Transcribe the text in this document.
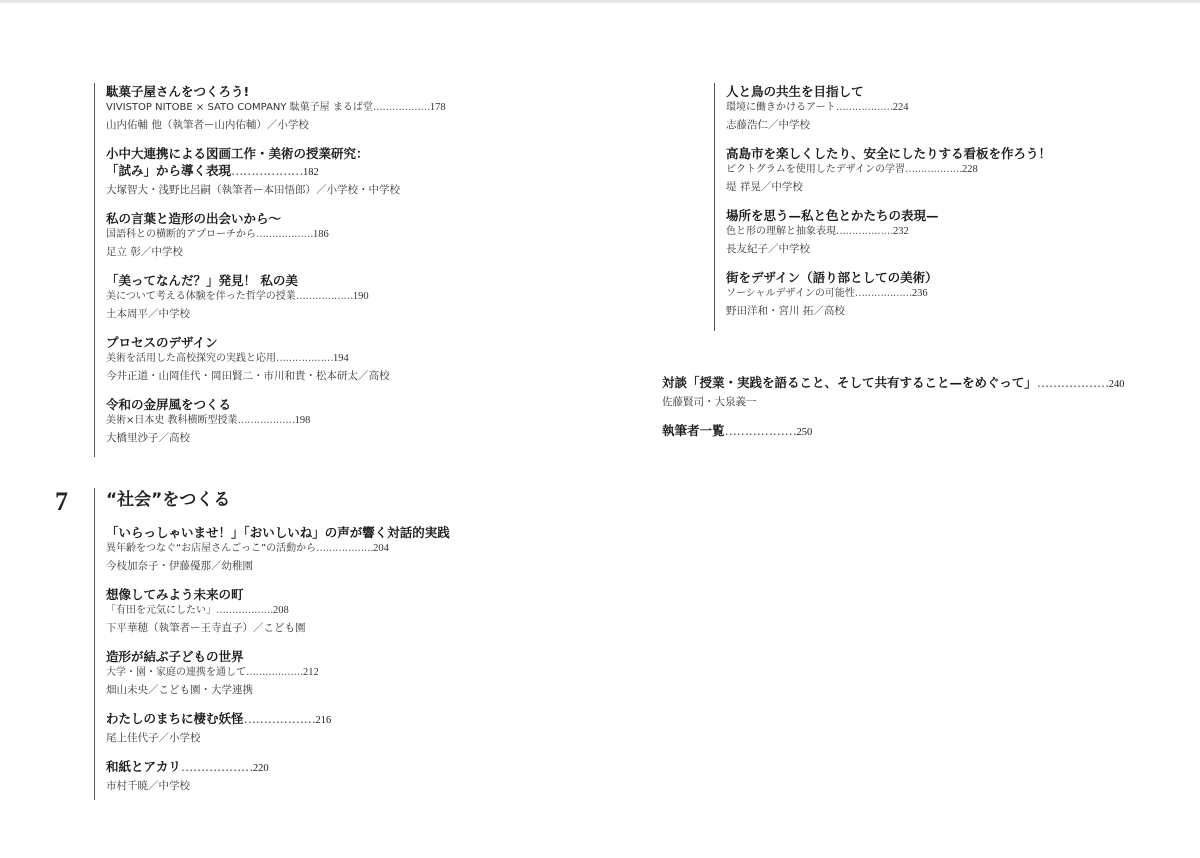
駄菓子屋さんをつくろう!
VIVISTOP NITOBE × SATO COMPANY 駄菓子屋 まるば堂………………178
山内佑輔 他（執筆者ー山内佑輔）／小学校
小中大連携による図画工作・美術の授業研究：
「試み」から導く表現………………182
大塚智大・浅野比呂嗣（執筆者ー本田悟郎）／小学校・中学校
私の言葉と造形の出会いから〜
国語科との横断的アプローチから………………186
足立 彰／中学校
「美ってなんだ？」発見！ 私の美
美について考える体験を伴った哲学の授業………………190
土本周平／中学校
プロセスのデザイン
美術を活用した高校探究の実践と応用………………194
今井正道・山岡佳代・岡田賢二・市川和貴・松本研太／高校
令和の金屏風をつくる
美術×日本史 教科横断型授業………………198
大橋里沙子／高校
7 “社会”をつくる
「いらっしゃいませ！」「おいしいね」の声が響く対話的実践
異年齢をつなぐ“お店屋さんごっこ”の活動から………………204
今枝加奈子・伊藤優那／幼稚園
想像してみよう未来の町
「有田を元気にしたい」………………208
下平華穂（執筆者ー王寺直子）／こども園
造形が結ぶ子どもの世界
大学・園・家庭の連携を通して………………212
畑山未央／こども園・大学連携
わたしのまちに棲む妖怪………………216
尾上佳代子／小学校
和紙とアカリ………………220
市村千暁／中学校
人と鳥の共生を目指して
環境に働きかけるアート………………224
志藤浩仁／中学校
高島市を楽しくしたり、安全にしたりする看板を作ろう！
ピクトグラムを使用したデザインの学習………………228
堤 祥晃／中学校
場所を思う—私と色とかたちの表現—
色と形の理解と抽象表現………………232
長友紀子／中学校
街をデザイン（語り部としての美術）
ソーシャルデザインの可能性………………236
野田洋和・宮川 拓／高校
対談「授業・実践を語ること、そして共有すること—をめぐって」………………240
佐藤賢司・大泉義一
執筆者一覧………………250
